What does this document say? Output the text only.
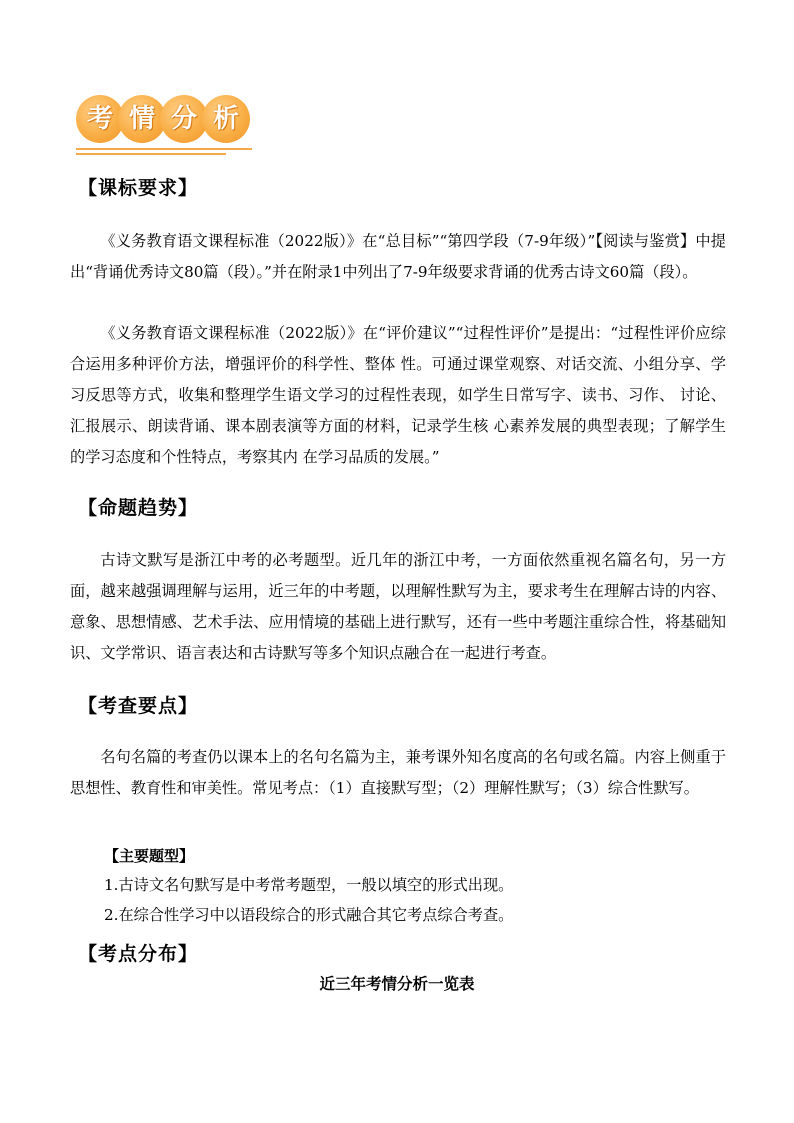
考 情 分 析
【课标要求】

《义务教育语文课程标准（2022版）》在“总目标”“第四学段（7-9年级）”【阅读与鉴赏】中提出“背诵优秀诗文80篇（段）。”并在附录1中列出了7-9年级要求背诵的优秀古诗文60篇（段）。

《义务教育语文课程标准（2022版）》在“评价建议”“过程性评价”是提出：“过程性评价应综合运用多种评价方法，增强评价的科学性、整体 性。可通过课堂观察、对话交流、小组分享、学习反思等方式，收集和整理学生语文学习的过程性表现，如学生日常写字、读书、习作、 讨论、汇报展示、朗读背诵、课本剧表演等方面的材料，记录学生核 心素养发展的典型表现；了解学生的学习态度和个性特点，考察其内 在学习品质的发展。”

【命题趋势】

古诗文默写是浙江中考的必考题型。近几年的浙江中考，一方面依然重视名篇名句，另一方面，越来越强调理解与运用，近三年的中考题，以理解性默写为主，要求考生在理解古诗的内容、意象、思想情感、艺术手法、应用情境的基础上进行默写，还有一些中考题注重综合性，将基础知识、文学常识、语言表达和古诗默写等多个知识点融合在一起进行考查。

【考查要点】

名句名篇的考查仍以课本上的名句名篇为主，兼考课外知名度高的名句或名篇。内容上侧重于思想性、教育性和审美性。常见考点：（1）直接默写型；（2）理解性默写；（3）综合性默写。

【主要题型】

1.古诗文名句默写是中考常考题型，一般以填空的形式出现。

2.在综合性学习中以语段综合的形式融合其它考点综合考查。

【考点分布】

近三年考情分析一览表
